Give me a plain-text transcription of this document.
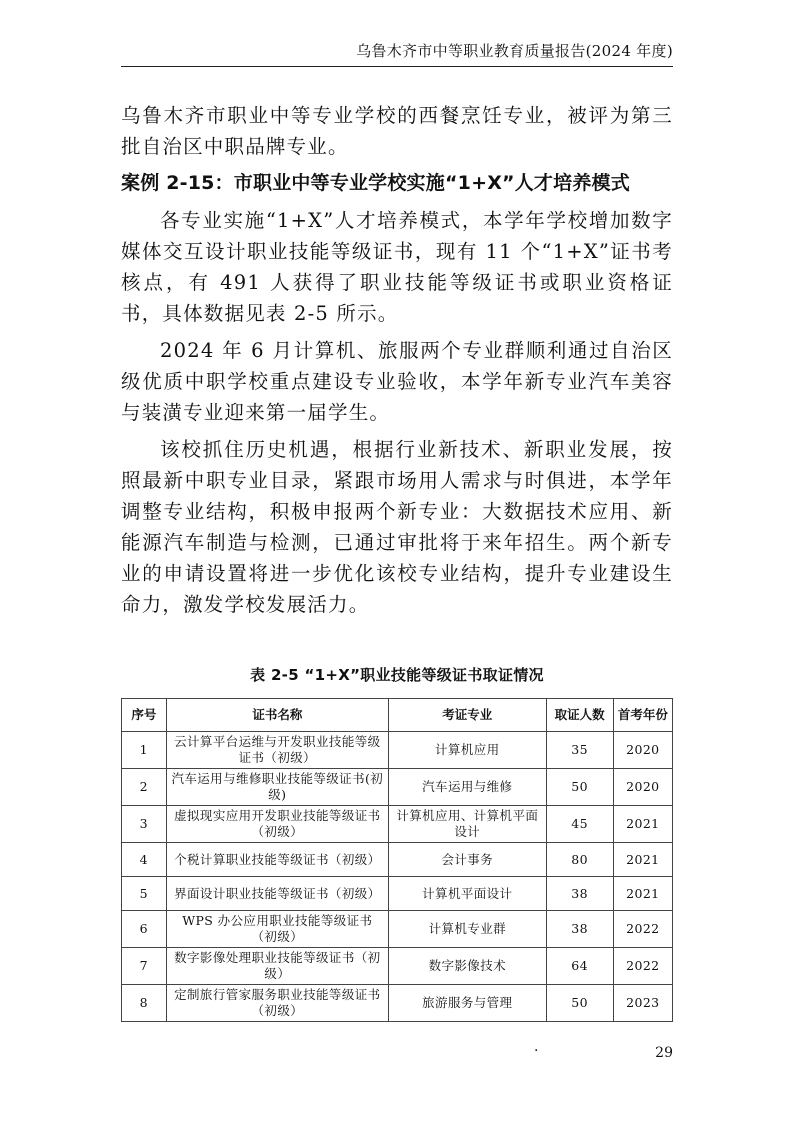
乌鲁木齐市中等职业教育质量报告(2024 年度)

乌鲁木齐市职业中等专业学校的西餐烹饪专业，被评为第三批自治区中职品牌专业。

案例 2-15：市职业中等专业学校实施“1+X”人才培养模式

各专业实施“1+X”人才培养模式，本学年学校增加数字媒体交互设计职业技能等级证书，现有 11 个“1+X”证书考核点，有 491 人获得了职业技能等级证书或职业资格证书，具体数据见表 2-5 所示。

2024 年 6 月计算机、旅服两个专业群顺利通过自治区级优质中职学校重点建设专业验收，本学年新专业汽车美容与装潢专业迎来第一届学生。

该校抓住历史机遇，根据行业新技术、新职业发展，按照最新中职专业目录，紧跟市场用人需求与时俱进，本学年调整专业结构，积极申报两个新专业：大数据技术应用、新能源汽车制造与检测，已通过审批将于来年招生。两个新专业的申请设置将进一步优化该校专业结构，提升专业建设生命力，激发学校发展活力。

表 2-5 “1+X”职业技能等级证书取证情况
序号	证书名称	考证专业	取证人数	首考年份
1	云计算平台运维与开发职业技能等级证书（初级）	计算机应用	35	2020
2	汽车运用与维修职业技能等级证书(初级)	汽车运用与维修	50	2020
3	虚拟现实应用开发职业技能等级证书（初级）	计算机应用、计算机平面设计	45	2021
4	个税计算职业技能等级证书（初级）	会计事务	80	2021
5	界面设计职业技能等级证书（初级）	计算机平面设计	38	2021
6	WPS 办公应用职业技能等级证书（初级）	计算机专业群	38	2022
7	数字影像处理职业技能等级证书（初级）	数字影像技术	64	2022
8	定制旅行管家服务职业技能等级证书（初级）	旅游服务与管理	50	2023
·	29
